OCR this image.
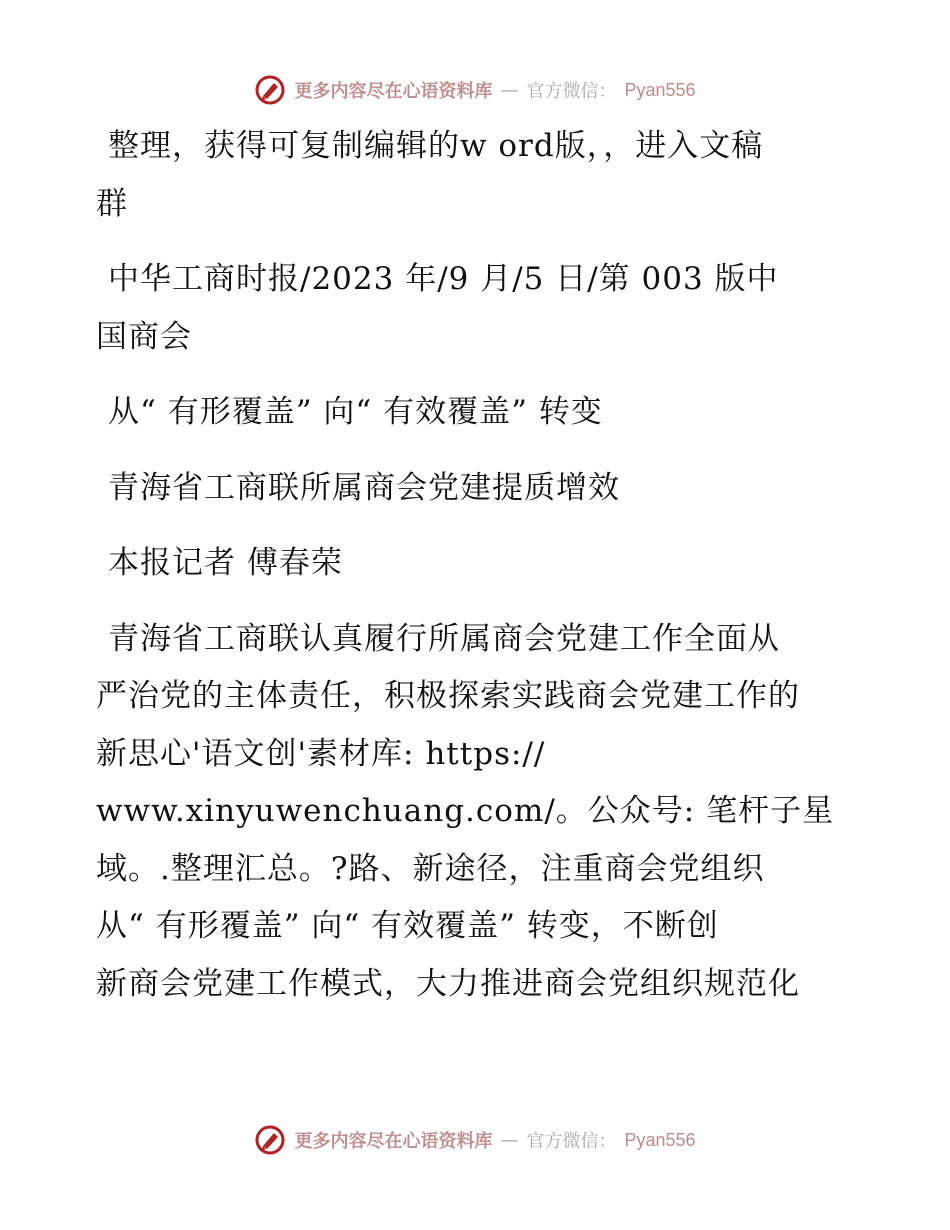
更多内容尽在心语资料库 — 官方微信： Pyan556

整理，获得可复制编辑的w ord版，，进入文稿
群

中华工商时报/2023 年/9 月/5 日/第 003 版中
国商会

从“ 有形覆盖” 向“ 有效覆盖” 转变

青海省工商联所属商会党建提质增效

本报记者 傅春荣

青海省工商联认真履行所属商会党建工作全面从
严治党的主体责任，积极探索实践商会党建工作的
新思心'语文创'素材库: https://
www.xinyuwenchuang.com/。公众号: 笔杆子星
域。.整理汇总。?路、新途径，注重商会党组织
从“ 有形覆盖” 向“ 有效覆盖” 转变，不断创
新商会党建工作模式，大力推进商会党组织规范化

更多内容尽在心语资料库 — 官方微信： Pyan556
